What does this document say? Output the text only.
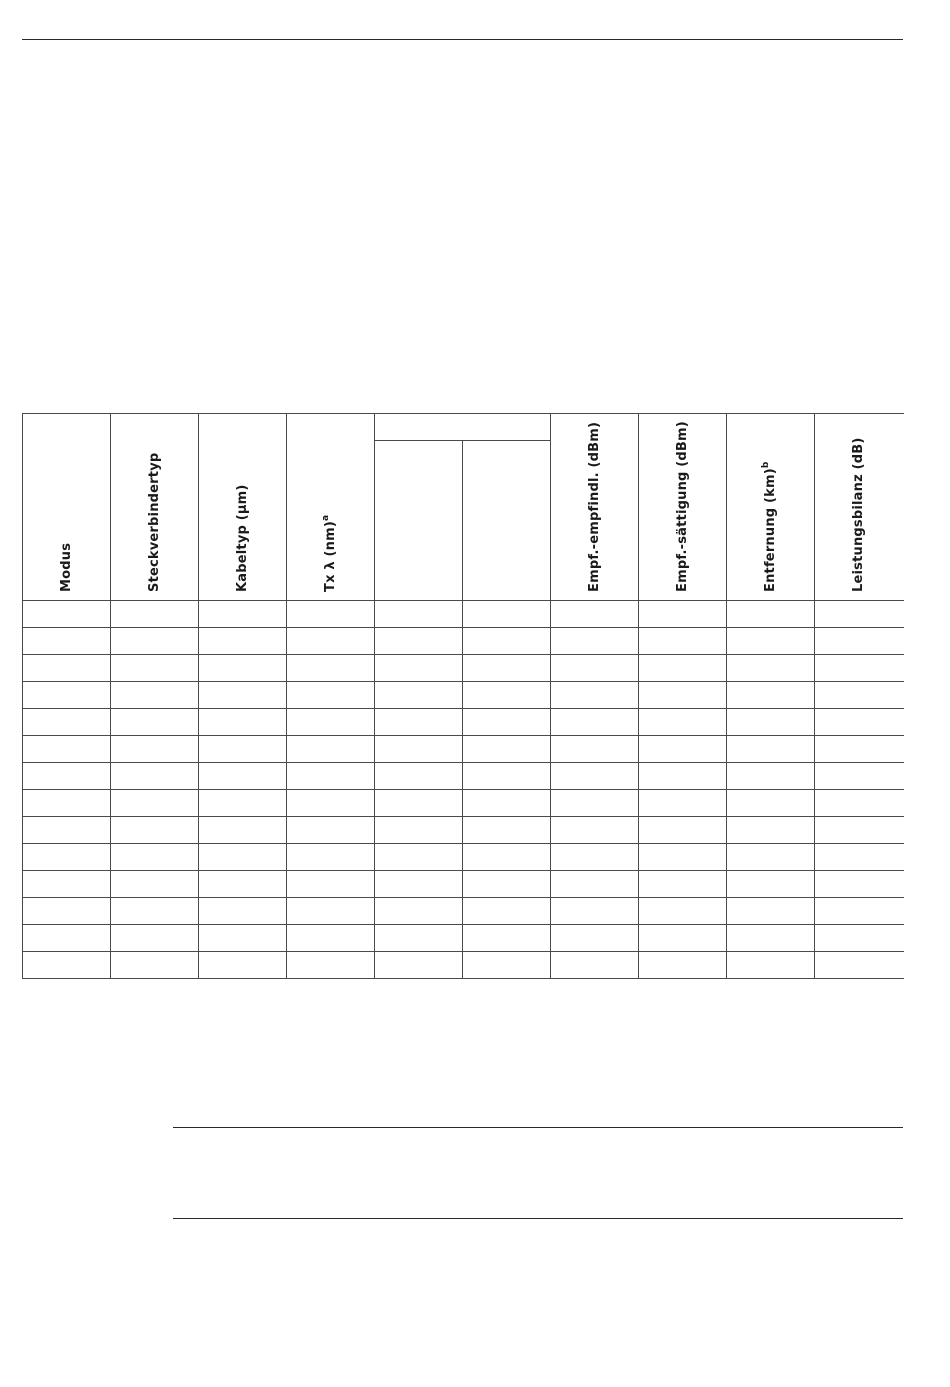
Modus	Steckverbindertyp	Kabeltyp (µm)	Tx λ (nm)$^a$			Empf.-empfindl. (dBm)	Empf.-sättigung (dBm)	Entfernung (km)$^b$	Leistungsbilanz (dB)
